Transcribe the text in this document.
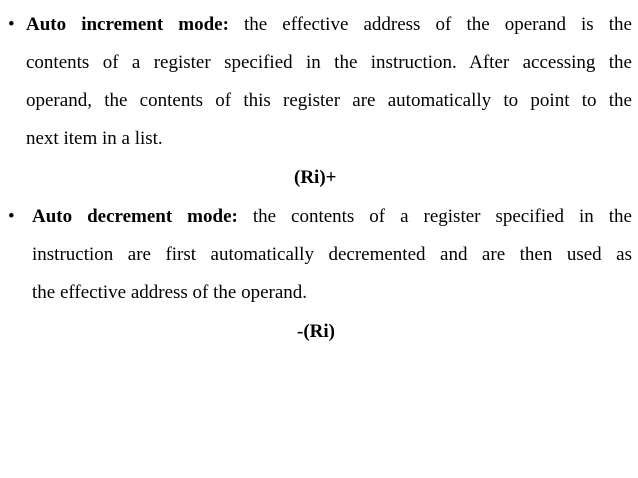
• Auto increment mode: the effective address of the operand is the
contents of a register specified in the instruction. After accessing the
operand, the contents of this register are automatically to point to the
next item in a list.
(Ri)+
• Auto decrement mode: the contents of a register specified in the
instruction are first automatically decremented and are then used as
the effective address of the operand.
-(Ri)
